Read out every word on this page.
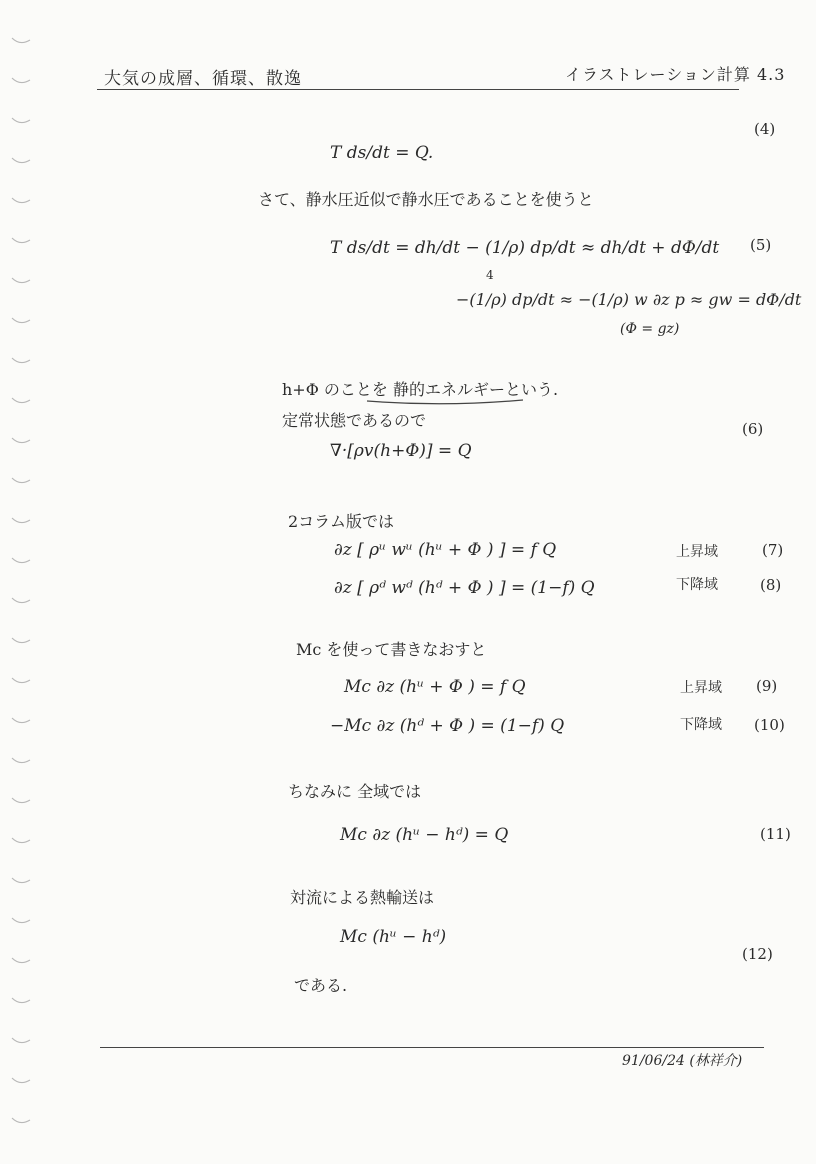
大気の成層、循環、散逸	イラストレーション計算 4.3
T ds/dt = Q.
(4)
さて、静水圧近似で静水圧であることを使うと
T ds/dt = dh/dt − (1/ρ) dp/dt ≈ dh/dt + dΦ/dt (5)
4
−(1/ρ) dp/dt ≈ −(1/ρ) w ∂z p ≈ gw = dΦ/dt
(Φ = gz)
h+Φ のことを 静的エネルギーという.
定常状態であるので
∇·[ρv(h+Φ)] = Q
(6)
2コラム版では
∂z [ ρᵘ wᵘ (hᵘ + Φ ) ] = f Q	上昇域	(7)
∂z [ ρᵈ wᵈ (hᵈ + Φ ) ] = (1−f) Q	下降域	(8)
Mc を使って書きなおすと
Mc ∂z (hᵘ + Φ ) = f Q	上昇域 (9)
−Mc ∂z (hᵈ + Φ ) = (1−f) Q	下降域 (10)
ちなみに 全域では
Mc ∂z (hᵘ − hᵈ) = Q	(11)
対流による熱輸送は
Mc (hᵘ − hᵈ)
(12)
である.
91/06/24 (林祥介)
